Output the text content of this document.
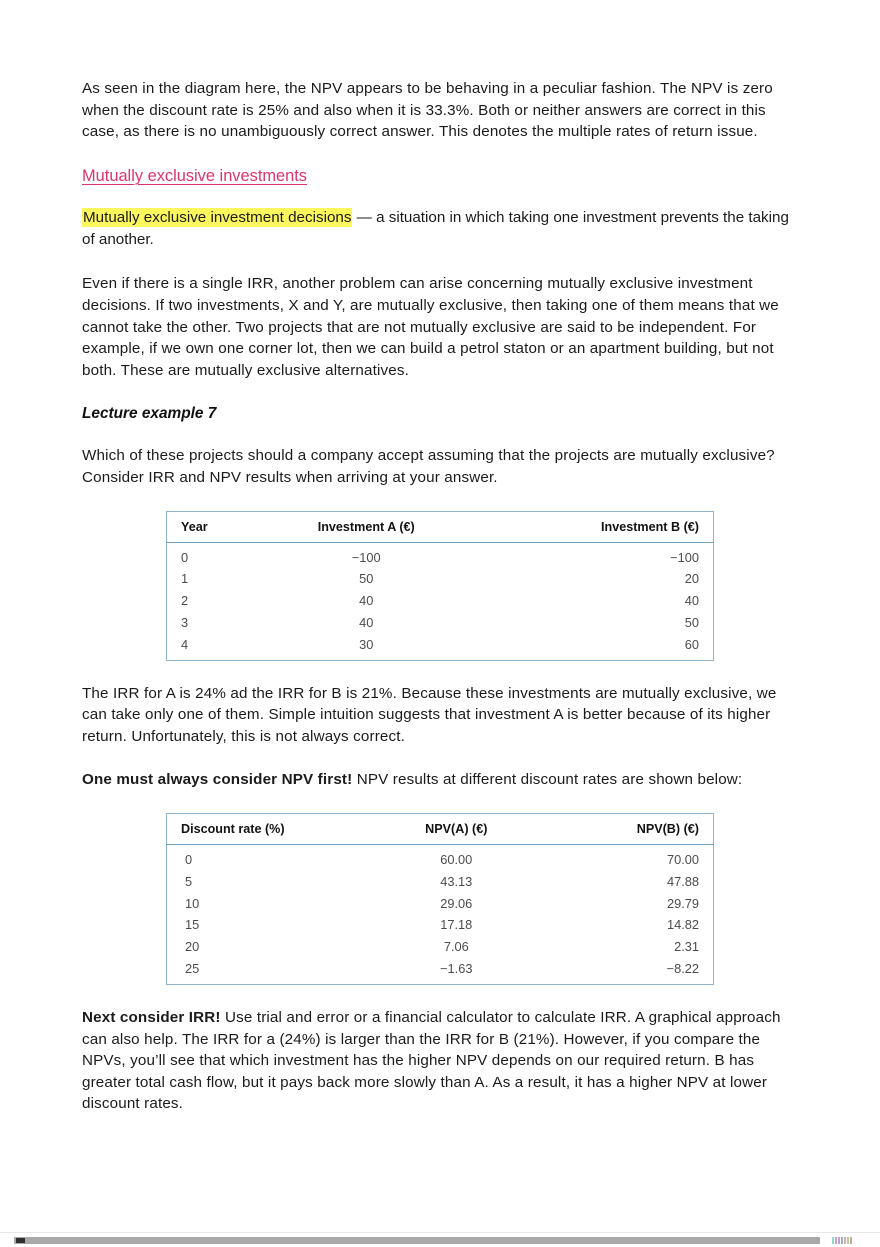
As seen in the diagram here, the NPV appears to be behaving in a peculiar fashion. The NPV is zero when the discount rate is 25% and also when it is 33.3%. Both or neither answers are correct in this case, as there is no unambiguously correct answer. This denotes the multiple rates of return issue.

Mutually exclusive investments

Mutually exclusive investment decisions — a situation in which taking one investment prevents the taking of another.

Even if there is a single IRR, another problem can arise concerning mutually exclusive investment decisions. If two investments, X and Y, are mutually exclusive, then taking one of them means that we cannot take the other. Two projects that are not mutually exclusive are said to be independent. For example, if we own one corner lot, then we can build a petrol staton or an apartment building, but not both. These are mutually exclusive alternatives.

Lecture example 7

Which of these projects should a company accept assuming that the projects are mutually exclusive? Consider IRR and NPV results when arriving at your answer.

Year	Investment A (€)	Investment B (€)
0	−100	−100
1	50	20
2	40	40
3	40	50
4	30	60

The IRR for A is 24% ad the IRR for B is 21%. Because these investments are mutually exclusive, we can take only one of them. Simple intuition suggests that investment A is better because of its higher return. Unfortunately, this is not always correct.

One must always consider NPV first! NPV results at different discount rates are shown below:

Discount rate (%)	NPV(A) (€)	NPV(B) (€)
0	60.00	70.00
5	43.13	47.88
10	29.06	29.79
15	17.18	14.82
20	7.06	2.31
25	−1.63	−8.22

Next consider IRR! Use trial and error or a financial calculator to calculate IRR. A graphical approach can also help. The IRR for a (24%) is larger than the IRR for B (21%). However, if you compare the NPVs, you’ll see that which investment has the higher NPV depends on our required return. B has greater total cash flow, but it pays back more slowly than A. As a result, it has a higher NPV at lower discount rates.
